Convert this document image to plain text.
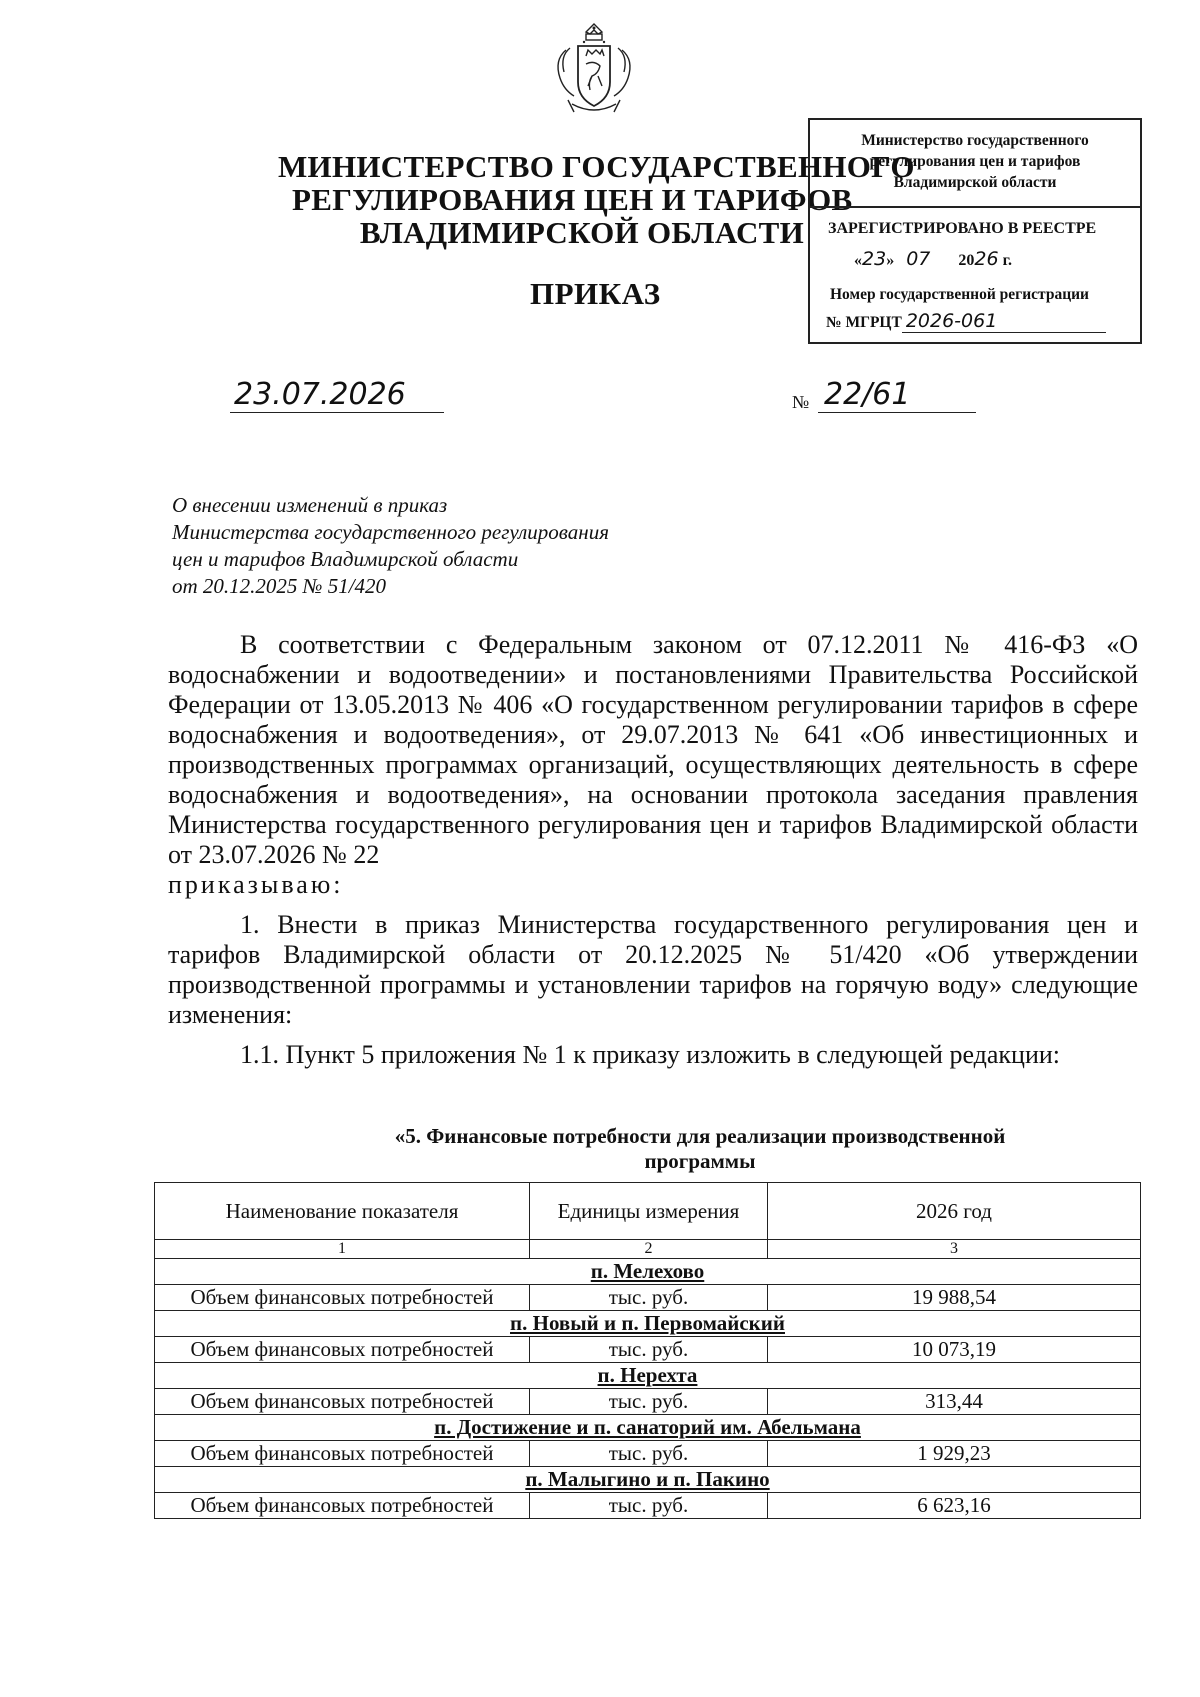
МИНИСТЕРСТВО ГОСУДАРСТВЕННОГО
РЕГУЛИРОВАНИЯ ЦЕН И ТАРИФОВ
ВЛАДИМИРСКОЙ ОБЛАСТИ
ПРИКАЗ
Министерство государственного
регулирования цен и тарифов
Владимирской области
ЗАРЕГИСТРИРОВАНО В РЕЕСТРЕ
«23»   07 2026 г.
Номер государственной регистрации
№ МГРЦТ 2026-061
23.07.2026	№ 22/61
О внесении изменений в приказ
Министерства государственного регулирования
цен и тарифов Владимирской области
от 20.12.2025 № 51/420

В соответствии с Федеральным законом от 07.12.2011 № 416-ФЗ «О водоснабжении и водоотведении» и постановлениями Правительства Российской Федерации от 13.05.2013 № 406 «О государственном регулировании тарифов в сфере водоснабжения и водоотведения», от 29.07.2013 № 641 «Об инвестиционных и производственных программах организаций, осуществляющих деятельность в сфере водоснабжения и водоотведения», на основании протокола заседания правления Министерства государственного регулирования цен и тарифов Владимирской области от 23.07.2026 № 22

приказываю:

1. Внести в приказ Министерства государственного регулирования цен и тарифов Владимирской области от 20.12.2025 № 51/420 «Об утверждении производственной программы и установлении тарифов на горячую воду» следующие изменения:

1.1. Пункт 5 приложения № 1 к приказу изложить в следующей редакции:

«5. Финансовые потребности для реализации производственной
программы
Наименование показателя	Единицы измерения	2026 год
1	2	3
п. Мелехово		
Объем финансовых потребностей	тыс. руб.	19 988,54
п. Новый и п. Первомайский		
Объем финансовых потребностей	тыс. руб.	10 073,19
п. Нерехта		
Объем финансовых потребностей	тыс. руб.	313,44
п. Достижение и п. санаторий им. Абельмана		
Объем финансовых потребностей	тыс. руб.	1 929,23
п. Малыгино и п. Пакино		
Объем финансовых потребностей	тыс. руб.	6 623,16
